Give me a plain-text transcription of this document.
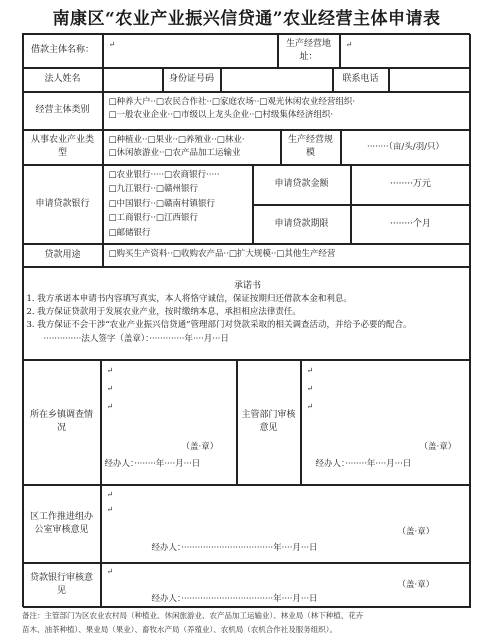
南康区“农业产业振兴信贷通”农业经营主体申请表
借款主体名称：
↵	生产经营地址：
↵
法人姓名	身份证号码	联系电话
经营主体类别
□种养大户··□农民合作社··□家庭农场··□观光休闲农业经营组织·
□一般农业企业··□市级以上龙头企业··□村级集体经济组织·
从事农业产业类型
□种植业··□果业··□养殖业··□林业·
□休闲旅游业··□农产品加工运输业
生产经营规模
········（亩/头/羽/只）
申请贷款银行
□农业银行·····□农商银行·····
□九江银行··□赣州银行
□中国银行··□赣南村镇银行
□工商银行··□江西银行
□邮储银行
申请贷款金额	········万元
申请贷款期限	········个月
贷款用途	□购买生产资料··□收购农产品··□扩大规模··□其他生产经营
承诺书
1. 我方承诺本申请书内容填写真实，本人将恪守诚信，保证按期归还借款本金和利息。
2. 我方保证贷款用于发展农业产业，按时缴纳本息，承担相应法律责任。
3. 我方保证不会干涉“农业产业振兴信贷通”管理部门对贷款采取的相关调查活动，并给予必要的配合。
··············法人签字（盖章）：·············年····月···日
所在乡镇调查情况
↵
↵
↵
（盖·章）
经办人：········年····月···日
主管部门审核意见
↵
↵
↵
（盖·章）
经办人：········年····月···日
区工作推进组办公室审核意见
↵
↵
（盖·章）
经办人：··································年····月···日
贷款银行审核意见
↵
（盖·章）
经办人：··································年····月···日
备注：主管部门为区农业农村局（种植业、休闲旅游业、农产品加工运输业）、林业局（林下种植、花卉
苗木、油茶种植）、果业局（果业）、畜牧水产局（养殖业）、农机局（农机合作社及服务组织）。
